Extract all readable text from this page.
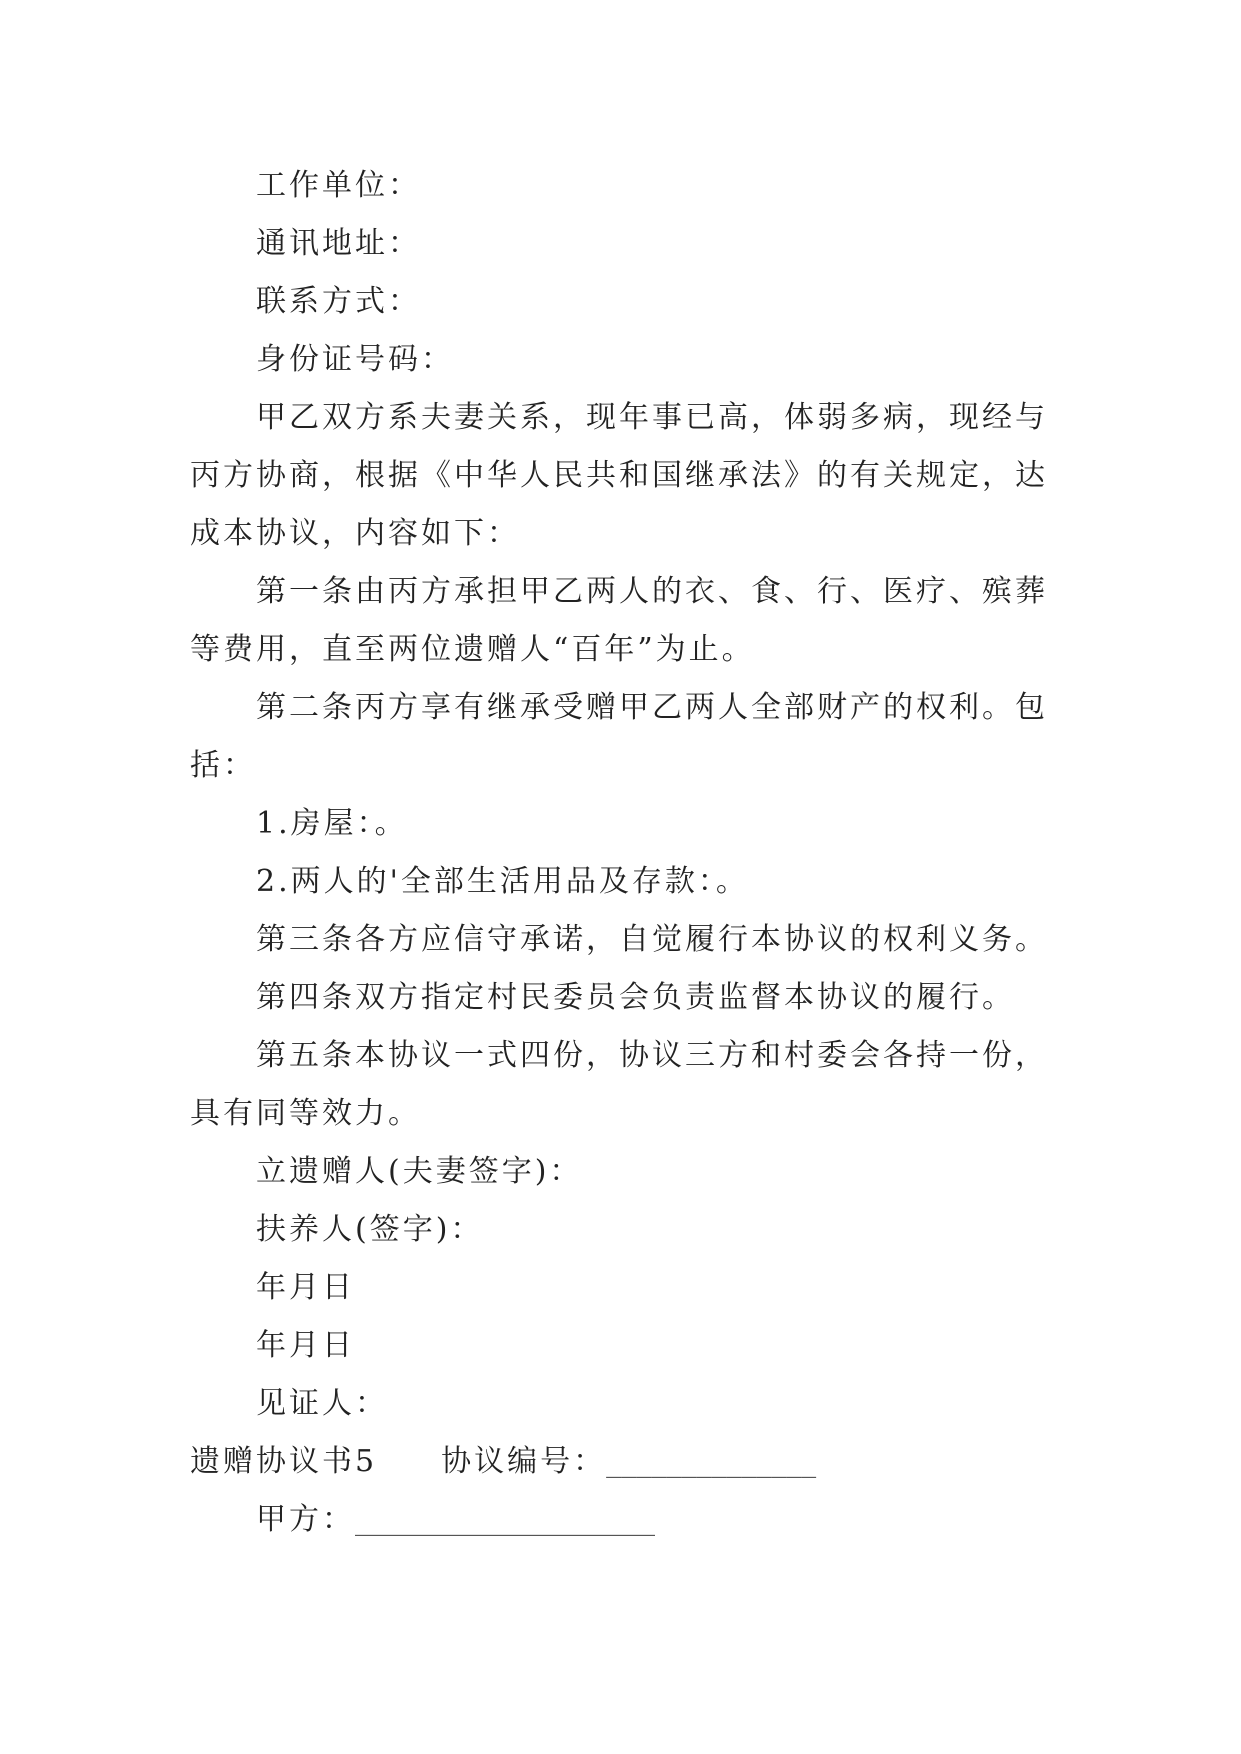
工作单位：
通讯地址：
联系方式：
身份证号码：
甲乙双方系夫妻关系，现年事已高，体弱多病，现经与
丙方协商，根据《中华人民共和国继承法》的有关规定，达
成本协议，内容如下：
第一条由丙方承担甲乙两人的衣、食、行、医疗、殡葬
等费用，直至两位遗赠人“百年”为止。
第二条丙方享有继承受赠甲乙两人全部财产的权利。包
括：
1.房屋：。
2.两人的'全部生活用品及存款：。
第三条各方应信守承诺，自觉履行本协议的权利义务。
第四条双方指定村民委员会负责监督本协议的履行。
第五条本协议一式四份，协议三方和村委会各持一份，
具有同等效力。
立遗赠人(夫妻签字)：
扶养人(签字)：
年月日
年月日
见证人：
遗赠协议书5 协议编号：______________
甲方：____________________
